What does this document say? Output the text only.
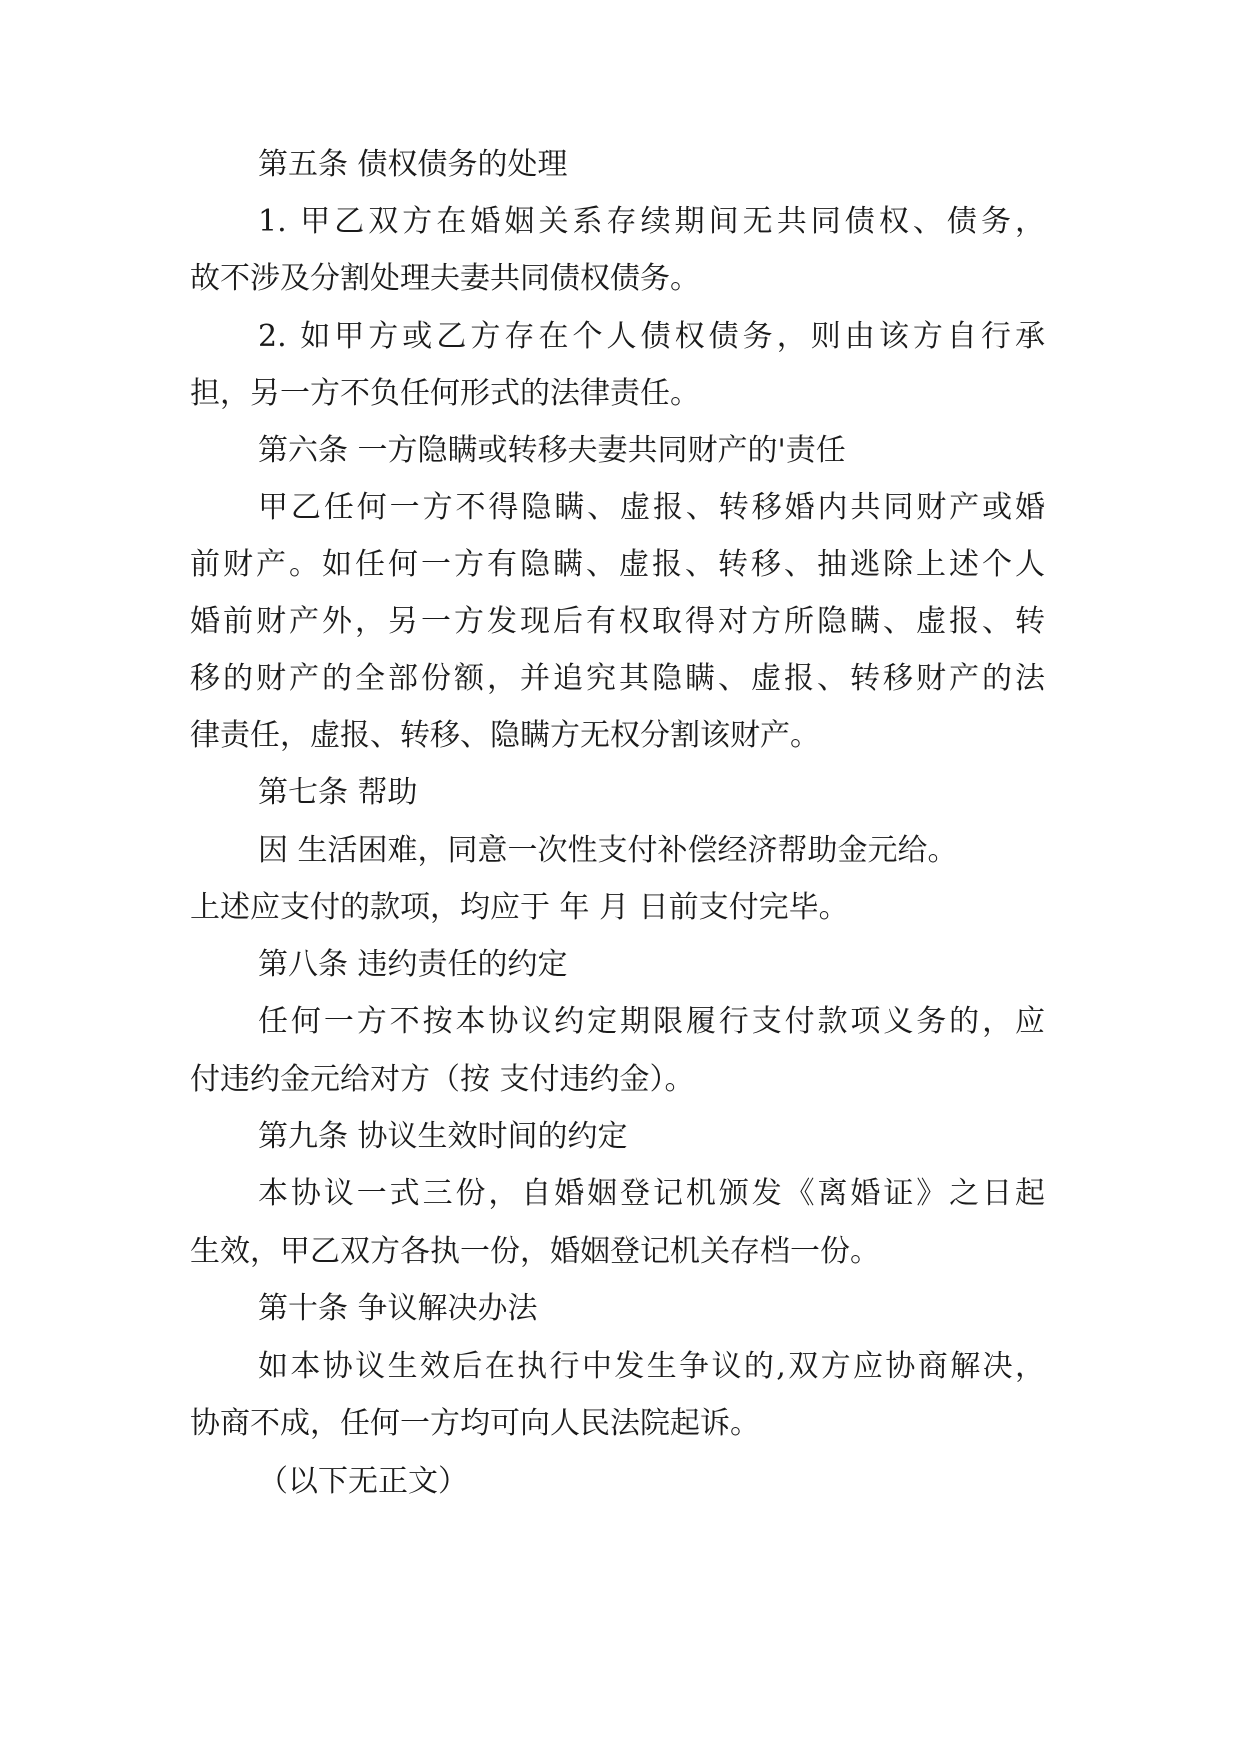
第五条 债权债务的处理
1. 甲乙双方在婚姻关系存续期间无共同债权、债务，
故不涉及分割处理夫妻共同债权债务。
2. 如甲方或乙方存在个人债权债务，则由该方自行承
担，另一方不负任何形式的法律责任。
第六条 一方隐瞒或转移夫妻共同财产的'责任
甲乙任何一方不得隐瞒、虚报、转移婚内共同财产或婚
前财产。如任何一方有隐瞒、虚报、转移、抽逃除上述个人
婚前财产外，另一方发现后有权取得对方所隐瞒、虚报、转
移的财产的全部份额，并追究其隐瞒、虚报、转移财产的法
律责任，虚报、转移、隐瞒方无权分割该财产。
第七条 帮助
因 生活困难，同意一次性支付补偿经济帮助金元给。
上述应支付的款项，均应于 年 月 日前支付完毕。
第八条 违约责任的约定
任何一方不按本协议约定期限履行支付款项义务的，应
付违约金元给对方（按 支付违约金）。
第九条 协议生效时间的约定
本协议一式三份，自婚姻登记机颁发《离婚证》之日起
生效，甲乙双方各执一份，婚姻登记机关存档一份。
第十条 争议解决办法
如本协议生效后在执行中发生争议的,双方应协商解决，
协商不成，任何一方均可向人民法院起诉。
（以下无正文）
